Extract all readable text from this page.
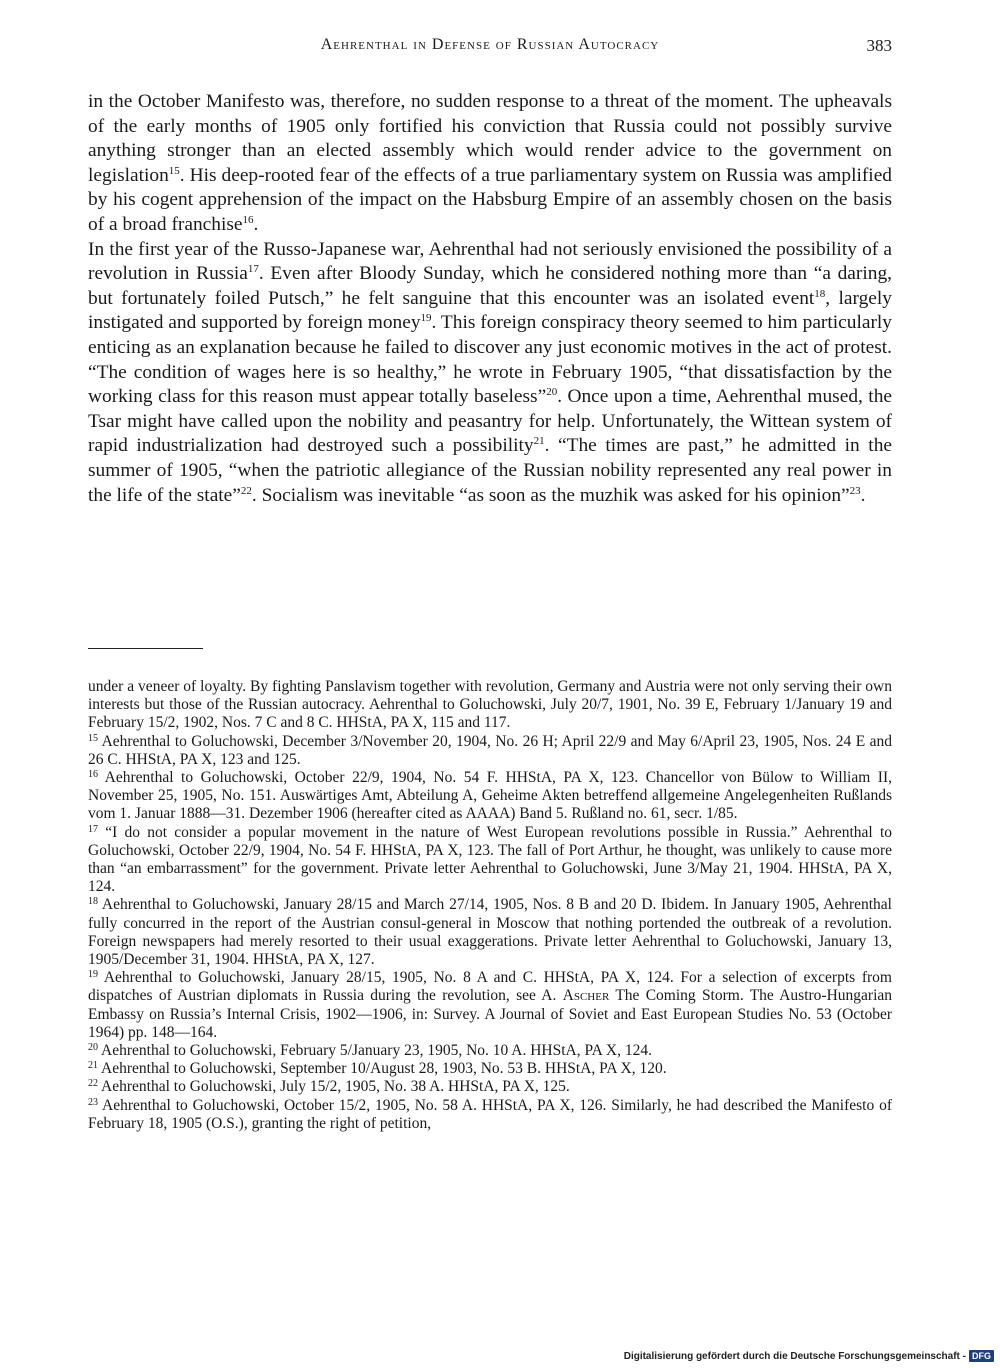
Aehrenthal in Defense of Russian Autocracy	383

in the October Manifesto was, therefore, no sudden response to a threat of the moment. The upheavals of the early months of 1905 only fortified his conviction that Russia could not possibly survive anything stronger than an elected assembly which would render advice to the government on legislation$^{15}$. His deep-rooted fear of the effects of a true parliamentary system on Russia was amplified by his cogent apprehension of the impact on the Habsburg Empire of an assembly chosen on the basis of a broad franchise$^{16}$.

In the first year of the Russo-Japanese war, Aehrenthal had not seriously envisioned the possibility of a revolution in Russia$^{17}$. Even after Bloody Sunday, which he considered nothing more than “a daring, but fortunately foiled Putsch,” he felt sanguine that this encounter was an isolated event$^{18}$, largely instigated and supported by foreign money$^{19}$. This foreign conspiracy theory seemed to him particularly enticing as an explanation because he failed to discover any just economic motives in the act of protest. “The condition of wages here is so healthy,” he wrote in February 1905, “that dissatisfaction by the working class for this reason must appear totally baseless”$^{20}$. Once upon a time, Aehrenthal mused, the Tsar might have called upon the nobility and peasantry for help. Unfortunately, the Wittean system of rapid industrialization had destroyed such a possibility$^{21}$. “The times are past,” he admitted in the summer of 1905, “when the patriotic allegiance of the Russian nobility represented any real power in the life of the state”$^{22}$. Socialism was inevitable “as soon as the muzhik was asked for his opinion”$^{23}$.

under a veneer of loyalty. By fighting Panslavism together with revolution, Germany and Austria were not only serving their own interests but those of the Russian autocracy. Aehrenthal to Goluchowski, July 20/7, 1901, No. 39 E, February 1/January 19 and February 15/2, 1902, Nos. 7 C and 8 C. HHStA, PA X, 115 and 117.

$^{15}$ Aehrenthal to Goluchowski, December 3/November 20, 1904, No. 26 H; April 22/9 and May 6/April 23, 1905, Nos. 24 E and 26 C. HHStA, PA X, 123 and 125.

$^{16}$ Aehrenthal to Goluchowski, October 22/9, 1904, No. 54 F. HHStA, PA X, 123. Chancellor von Bülow to William II, November 25, 1905, No. 151. Auswärtiges Amt, Abteilung A, Geheime Akten betreffend allgemeine Angelegenheiten Rußlands vom 1. Januar 1888—31. Dezember 1906 (hereafter cited as AAAA) Band 5. Rußland no. 61, secr. 1/85.

$^{17}$ “I do not consider a popular movement in the nature of West European revolutions possible in Russia.” Aehrenthal to Goluchowski, October 22/9, 1904, No. 54 F. HHStA, PA X, 123. The fall of Port Arthur, he thought, was unlikely to cause more than “an embarrassment” for the government. Private letter Aehrenthal to Goluchowski, June 3/May 21, 1904. HHStA, PA X, 124.

$^{18}$ Aehrenthal to Goluchowski, January 28/15 and March 27/14, 1905, Nos. 8 B and 20 D. Ibidem. In January 1905, Aehrenthal fully concurred in the report of the Austrian consul-general in Moscow that nothing portended the outbreak of a revolution. Foreign newspapers had merely resorted to their usual exaggerations. Private letter Aehrenthal to Goluchowski, January 13, 1905/December 31, 1904. HHStA, PA X, 127.

$^{19}$ Aehrenthal to Goluchowski, January 28/15, 1905, No. 8 A and C. HHStA, PA X, 124. For a selection of excerpts from dispatches of Austrian diplomats in Russia during the revolution, see A. Ascher The Coming Storm. The Austro-Hungarian Embassy on Russia’s Internal Crisis, 1902—1906, in: Survey. A Journal of Soviet and East European Studies No. 53 (October 1964) pp. 148—164.

$^{20}$ Aehrenthal to Goluchowski, February 5/January 23, 1905, No. 10 A. HHStA, PA X, 124.

$^{21}$ Aehrenthal to Goluchowski, September 10/August 28, 1903, No. 53 B. HHStA, PA X, 120.

$^{22}$ Aehrenthal to Goluchowski, July 15/2, 1905, No. 38 A. HHStA, PA X, 125.

$^{23}$ Aehrenthal to Goluchowski, October 15/2, 1905, No. 58 A. HHStA, PA X, 126. Similarly, he had described the Manifesto of February 18, 1905 (O.S.), granting the right of petition,

Digitalisierung gefördert durch die Deutsche Forschungsgemeinschaft - DFG
